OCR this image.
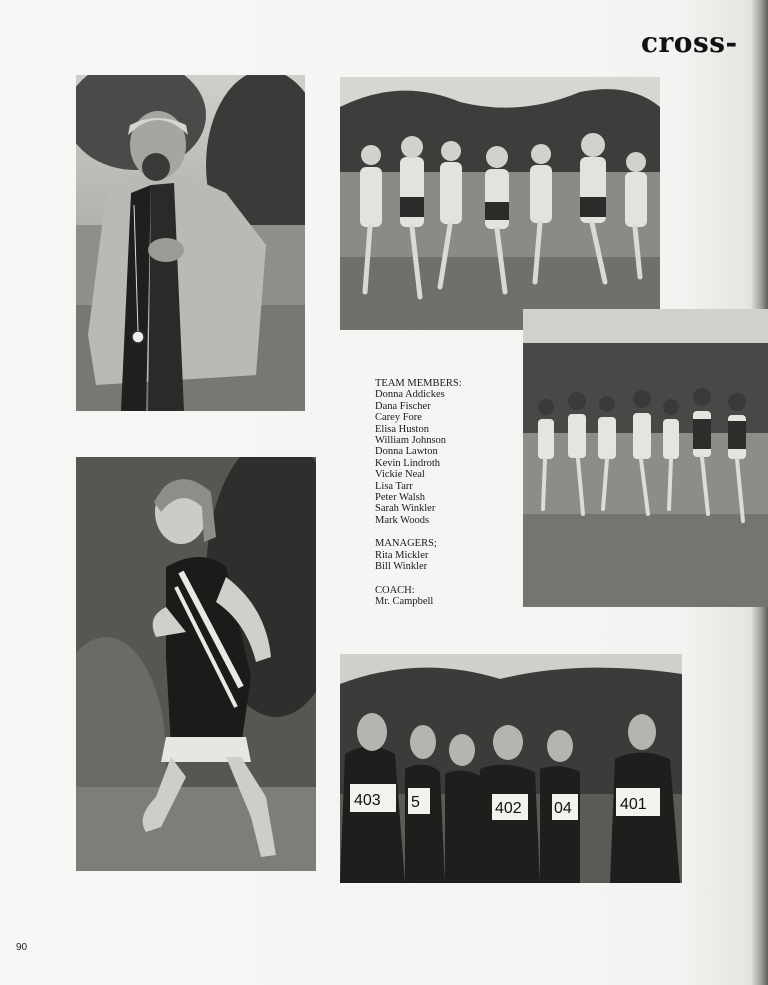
cross-
403 5	402 04	401
TEAM MEMBERS:
Donna Addickes
Dana Fischer
Carey Fore
Elisa Huston
William Johnson
Donna Lawton
Kevin Lindroth
Vickie Neal
Lisa Tarr
Peter Walsh
Sarah Winkler
Mark Woods
MANAGERS;
Rita Mickler
Bill Winkler
COACH:
Mr. Campbell
90
